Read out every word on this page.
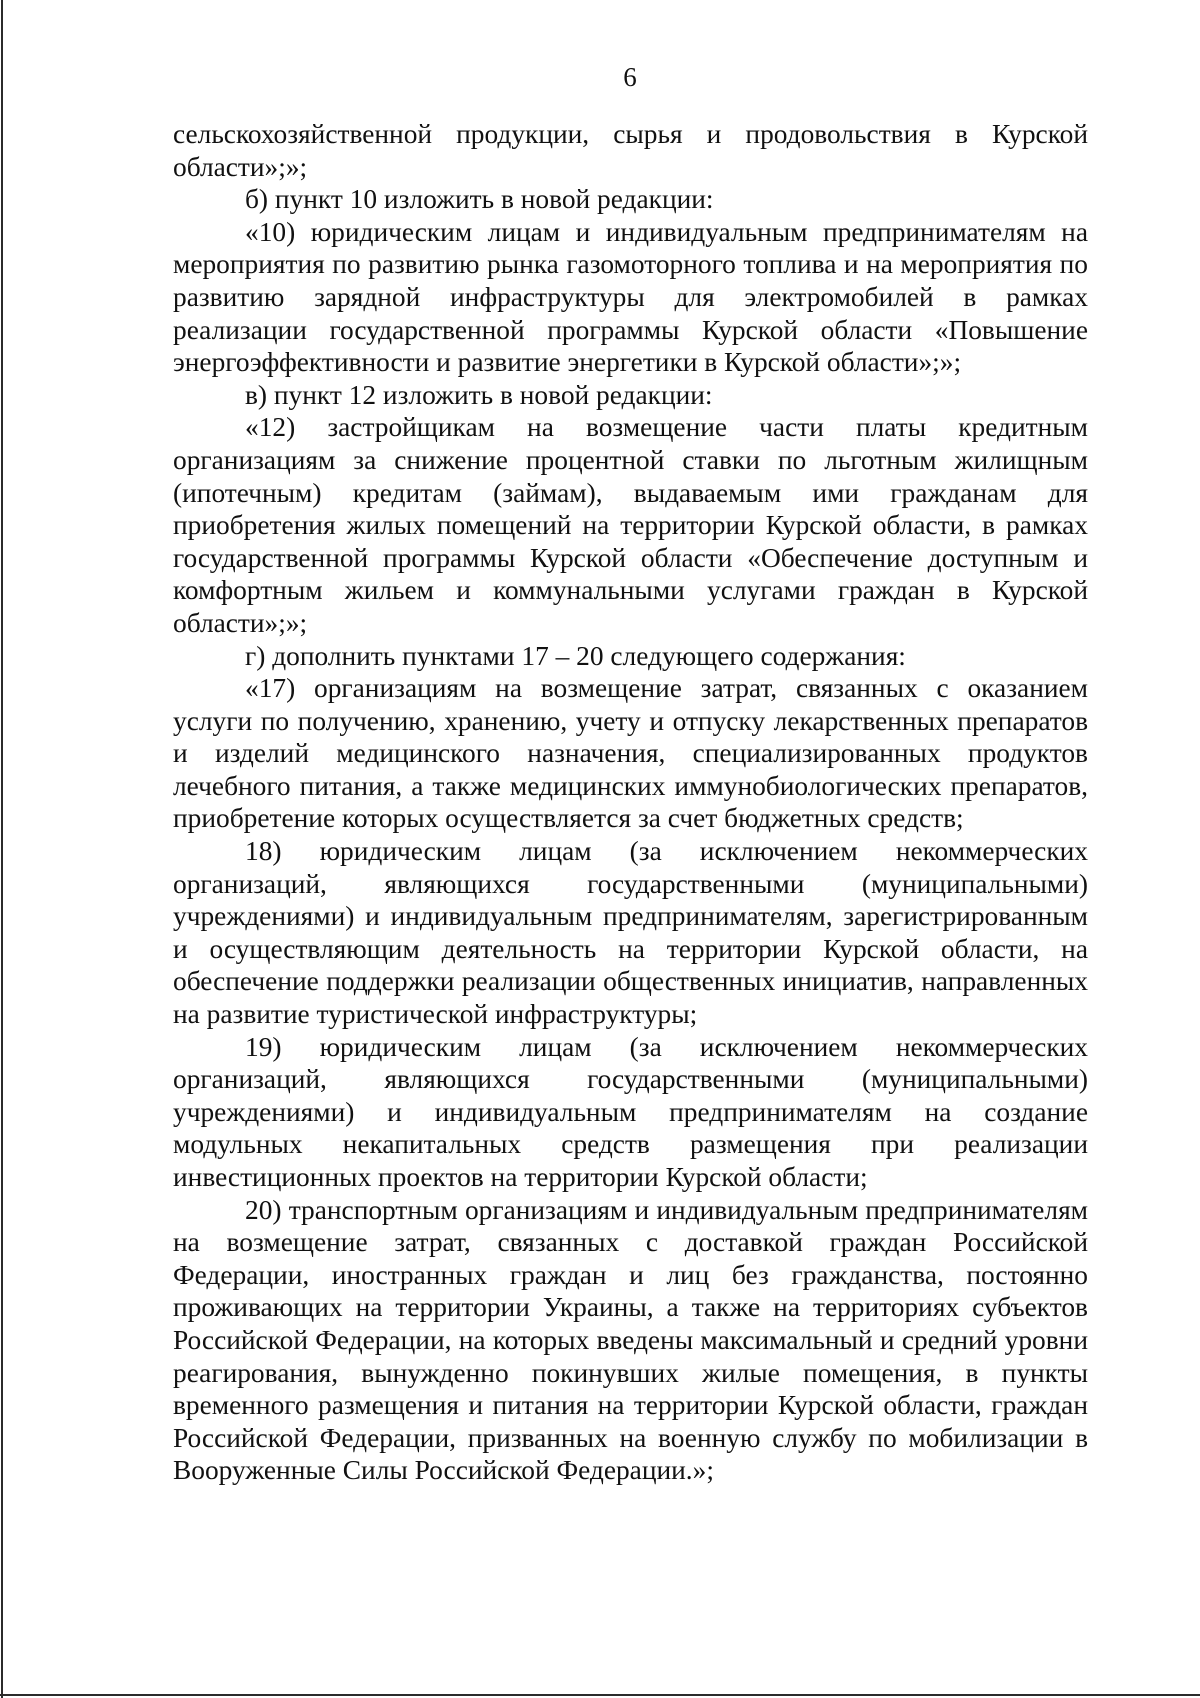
6

сельскохозяйственной продукции, сырья и продовольствия в Курской области»;»;

б) пункт 10 изложить в новой редакции:

«10) юридическим лицам и индивидуальным предпринимателям на мероприятия по развитию рынка газомоторного топлива и на мероприятия по развитию зарядной инфраструктуры для электромобилей в рамках реализации государственной программы Курской области «Повышение энергоэффективности и развитие энергетики в Курской области»;»;

в) пункт 12 изложить в новой редакции:

«12) застройщикам на возмещение части платы кредитным организациям за снижение процентной ставки по льготным жилищным (ипотечным) кредитам (займам), выдаваемым ими гражданам для приобретения жилых помещений на территории Курской области, в рамках государственной программы Курской области «Обеспечение доступным и комфортным жильем и коммунальными услугами граждан в Курской области»;»;

г) дополнить пунктами 17 – 20 следующего содержания:

«17) организациям на возмещение затрат, связанных с оказанием услуги по получению, хранению, учету и отпуску лекарственных препаратов и изделий медицинского назначения, специализированных продуктов лечебного питания, а также медицинских иммунобиологических препаратов, приобретение которых осуществляется за счет бюджетных средств;

18) юридическим лицам (за исключением некоммерческих организаций, являющихся государственными (муниципальными) учреждениями) и индивидуальным предпринимателям, зарегистрированным и осуществляющим деятельность на территории Курской области, на обеспечение поддержки реализации общественных инициатив, направленных на развитие туристической инфраструктуры;

19) юридическим лицам (за исключением некоммерческих организаций, являющихся государственными (муниципальными) учреждениями) и индивидуальным предпринимателям на создание модульных некапитальных средств размещения при реализации инвестиционных проектов на территории Курской области;

20) транспортным организациям и индивидуальным предпринимателям на возмещение затрат, связанных с доставкой граждан Российской Федерации, иностранных граждан и лиц без гражданства, постоянно проживающих на территории Украины, а также на территориях субъектов Российской Федерации, на которых введены максимальный и средний уровни реагирования, вынужденно покинувших жилые помещения, в пункты временного размещения и питания на территории Курской области, граждан Российской Федерации, призванных на военную службу по мобилизации в Вооруженные Силы Российской Федерации.»;
